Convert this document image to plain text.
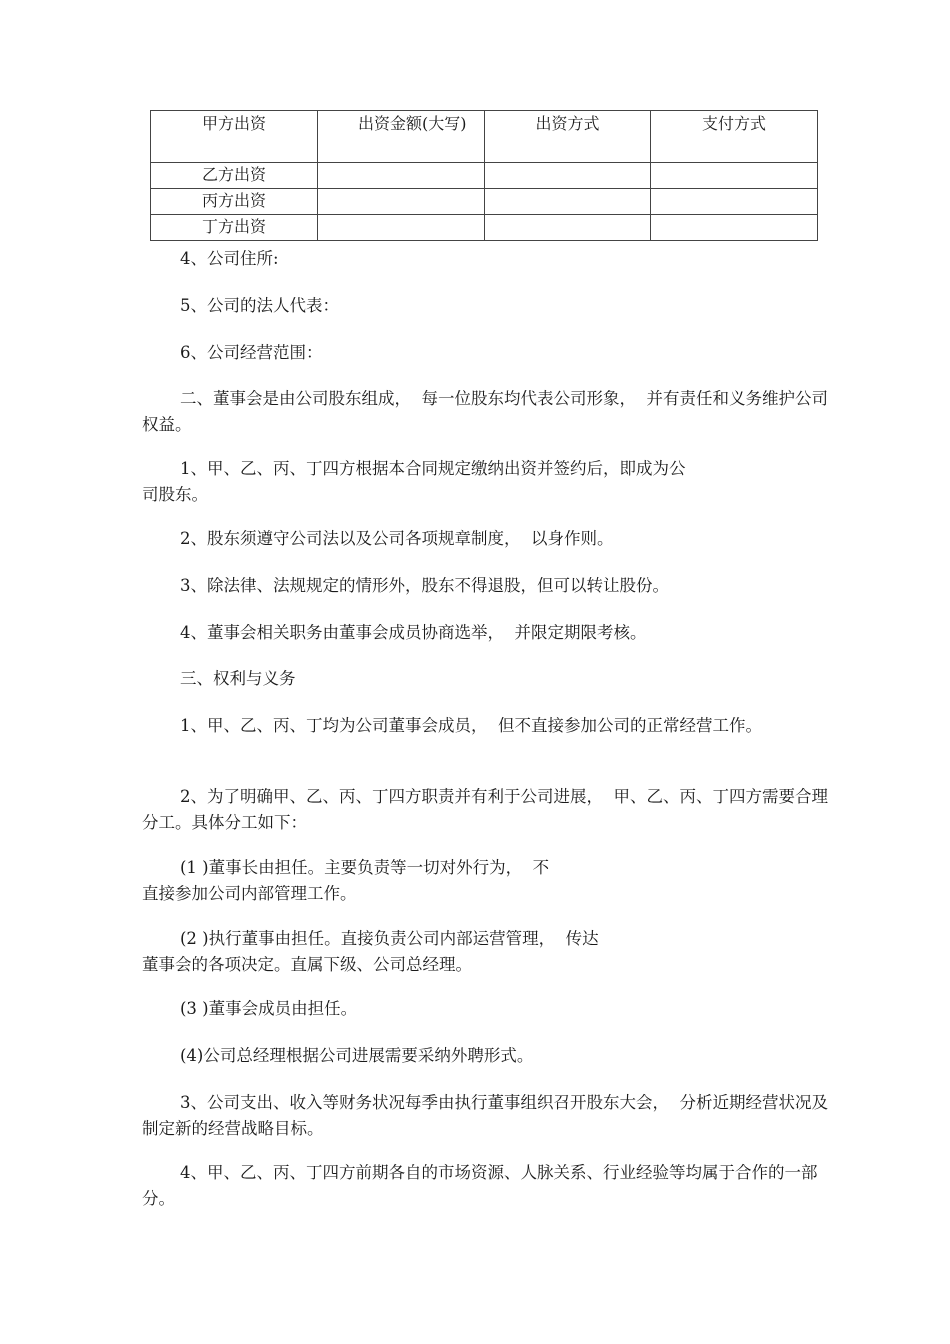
甲方出资	出资金额(大写)	出资方式	支付方式
乙方出资			
丙方出资			
丁方出资			

4、公司住所:

5、公司的法人代表：

6、公司经营范围：

二、董事会是由公司股东组成，  每一位股东均代表公司形象，  并有责任和义务维护公司权益。

1、甲、乙、丙、丁四方根据本合同规定缴纳出资并签约后，即成为公
司股东。

2、股东须遵守公司法以及公司各项规章制度，  以身作则。

3、除法律、法规规定的情形外，股东不得退股，但可以转让股份。

4、董事会相关职务由董事会成员协商选举，  并限定期限考核。

三、权利与义务

1、甲、乙、丙、丁均为公司董事会成员，  但不直接参加公司的正常经营工作。

2、为了明确甲、乙、丙、丁四方职责并有利于公司进展，  甲、乙、丙、丁四方需要合理分工。具体分工如下：

(1 )董事长由担任。主要负责等一切对外行为，  不
直接参加公司内部管理工作。

(2 )执行董事由担任。直接负责公司内部运营管理，  传达
董事会的各项决定。直属下级、公司总经理。

(3 )董事会成员由担任。

(4)公司总经理根据公司进展需要采纳外聘形式。

3、公司支出、收入等财务状况每季由执行董事组织召开股东大会，  分析近期经营状况及制定新的经营战略目标。

4、甲、乙、丙、丁四方前期各自的市场资源、人脉关系、行业经验等均属于合作的一部分。
